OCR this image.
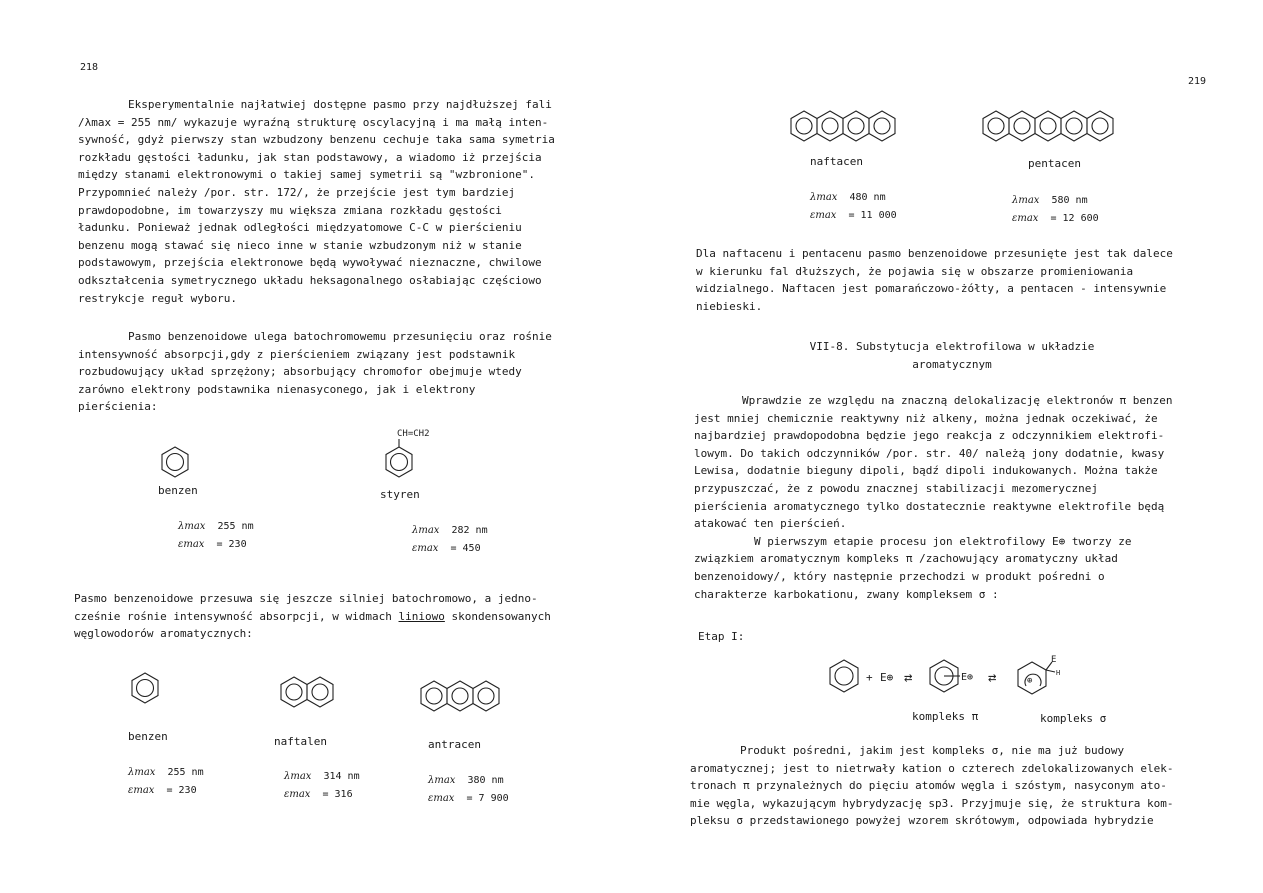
218

Eksperymentalnie najłatwiej dostępne pasmo przy najdłuższej fali

/λmax = 255 nm/ wykazuje wyraźną strukturę oscylacyjną i ma małą inten-

sywność, gdyż pierwszy stan wzbudzony benzenu cechuje taka sama symetria

rozkładu gęstości ładunku, jak stan podstawowy, a wiadomo iż przejścia

między stanami elektronowymi o takiej samej symetrii są "wzbronione".

Przypomnieć należy /por. str. 172/, że przejście jest tym bardziej

prawdopodobne, im towarzyszy mu większa zmiana rozkładu gęstości

ładunku. Ponieważ jednak odległości międzyatomowe C-C w pierścieniu

benzenu mogą stawać się nieco inne w stanie wzbudzonym niż w stanie

podstawowym, przejścia elektronowe będą wywoływać nieznaczne, chwilowe

odkształcenia symetrycznego układu heksagonalnego osłabiając częściowo

restrykcje reguł wyboru.

Pasmo benzenoidowe ulega batochromowemu przesunięciu oraz rośnie

intensywność absorpcji,gdy z pierścieniem związany jest podstawnik

rozbudowujący układ sprzężony; absorbujący chromofor obejmuje wtedy

zarówno elektrony podstawnika nienasyconego, jak i elektrony

pierścienia:

benzen
λmax 255 nm
εmax = 230
CH=CH2
styren
λmax 282 nm
εmax = 450

Pasmo benzenoidowe przesuwa się jeszcze silniej batochromowo, a jedno-

cześnie rośnie intensywność absorpcji, w widmach liniowo skondensowanych

węglowodorów aromatycznych:

benzen
λmax 255 nm
εmax = 230
naftalen
λmax 314 nm
εmax = 316
antracen
λmax 380 nm
εmax = 7 900
219
naftacen
λmax 480 nm
εmax = 11 000
pentacen
λmax 580 nm
εmax = 12 600

Dla naftacenu i pentacenu pasmo benzenoidowe przesunięte jest tak dalece

w kierunku fal dłuższych, że pojawia się w obszarze promieniowania

widzialnego. Naftacen jest pomarańczowo-żółty, a pentacen - intensywnie

niebieski.

VII-8. Substytucja elektrofilowa w układzie

aromatycznym

Wprawdzie ze względu na znaczną delokalizację elektronów π benzen

jest mniej chemicznie reaktywny niż alkeny, można jednak oczekiwać, że

najbardziej prawdopodobna będzie jego reakcja z odczynnikiem elektrofi-

lowym. Do takich odczynników /por. str. 40/ należą jony dodatnie, kwasy

Lewisa, dodatnie bieguny dipoli, bądź dipoli indukowanych. Można także

przypuszczać, że z powodu znacznej stabilizacji mezomerycznej

pierścienia aromatycznego tylko dostatecznie reaktywne elektrofile będą

atakować ten pierścień.

W pierwszym etapie procesu jon elektrofilowy E⊕ tworzy ze

związkiem aromatycznym kompleks π /zachowujący aromatyczny układ

benzenoidowy/, który następnie przechodzi w produkt pośredni o

charakterze karbokationu, zwany kompleksem σ :

Etap I:
+ E⊕ ⇄	E⊕ ⇄	⊕
E
H
kompleks π	kompleks σ

Produkt pośredni, jakim jest kompleks σ, nie ma już budowy

aromatycznej; jest to nietrwały kation o czterech zdelokalizowanych elek-

tronach π przynależnych do pięciu atomów węgla i szóstym, nasyconym ato-

mie węgla, wykazującym hybrydyzację sp3. Przyjmuje się, że struktura kom-

pleksu σ przedstawionego powyżej wzorem skrótowym, odpowiada hybrydzie
